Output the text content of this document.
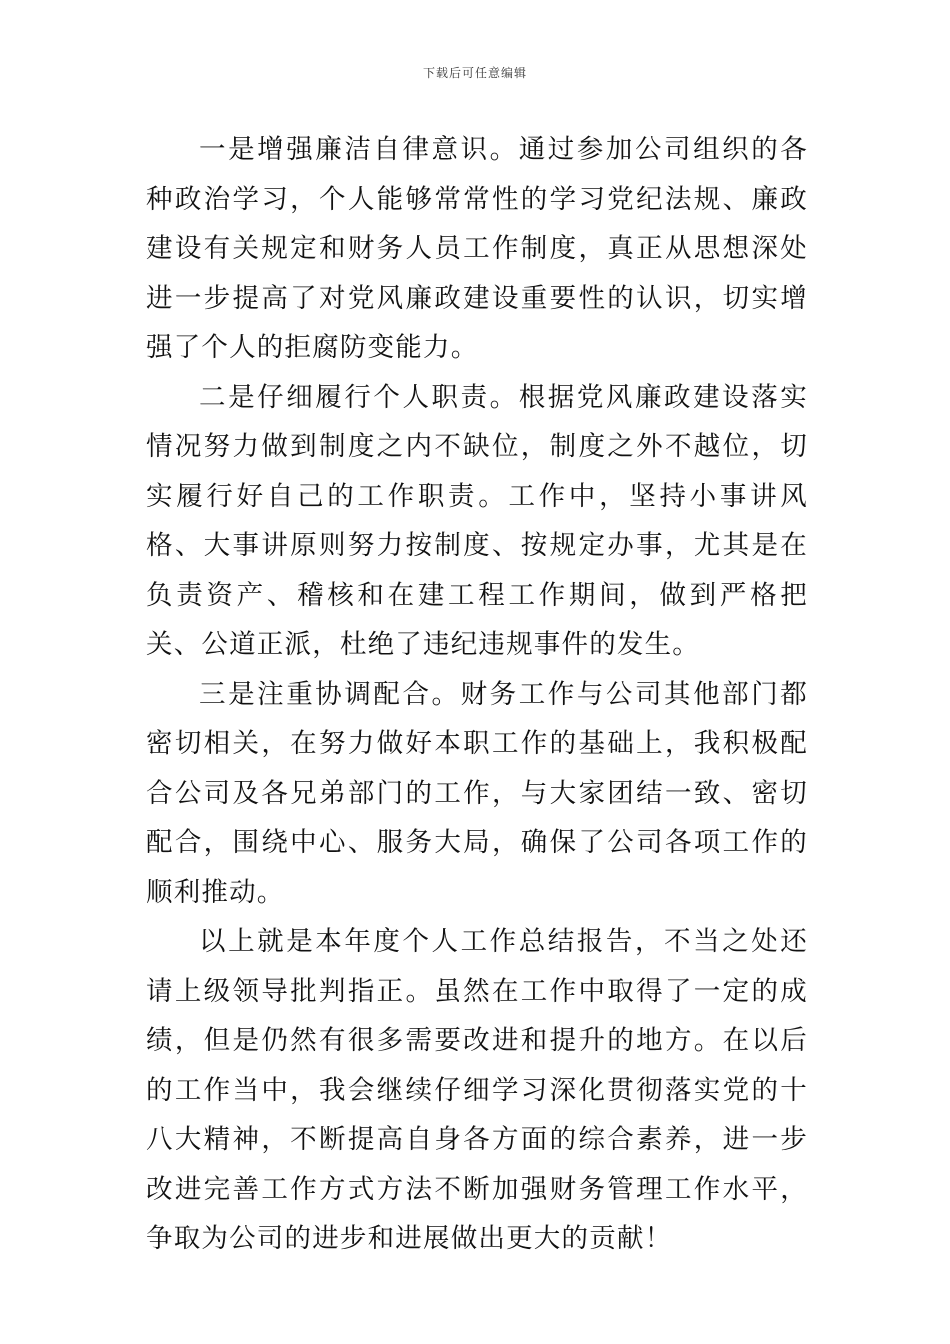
下载后可任意编辑

一是增强廉洁自律意识。通过参加公司组织的各种政治学习，个人能够常常性的学习党纪法规、廉政建设有关规定和财务人员工作制度，真正从思想深处进一步提高了对党风廉政建设重要性的认识，切实增强了个人的拒腐防变能力。

二是仔细履行个人职责。根据党风廉政建设落实情况努力做到制度之内不缺位，制度之外不越位，切实履行好自己的工作职责。工作中，坚持小事讲风格、大事讲原则努力按制度、按规定办事，尤其是在负责资产、稽核和在建工程工作期间，做到严格把关、公道正派，杜绝了违纪违规事件的发生。

三是注重协调配合。财务工作与公司其他部门都密切相关，在努力做好本职工作的基础上，我积极配合公司及各兄弟部门的工作，与大家团结一致、密切配合，围绕中心、服务大局，确保了公司各项工作的顺利推动。

以上就是本年度个人工作总结报告，不当之处还请上级领导批判指正。虽然在工作中取得了一定的成绩，但是仍然有很多需要改进和提升的地方。在以后的工作当中，我会继续仔细学习深化贯彻落实党的十八大精神，不断提高自身各方面的综合素养，进一步改进完善工作方式方法不断加强财务管理工作水平，争取为公司的进步和进展做出更大的贡献！
